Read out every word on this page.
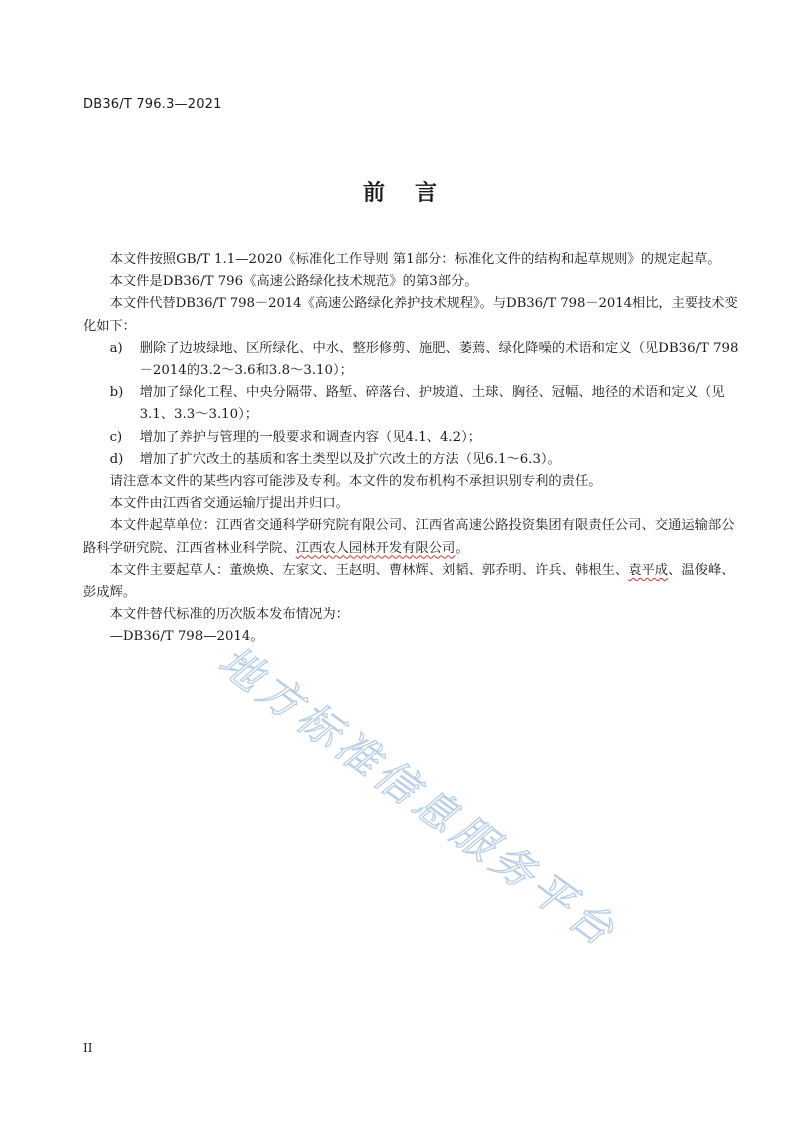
DB36/T 796.3—2021
前言

本文件按照GB/T 1.1—2020《标准化工作导则 第1部分：标准化文件的结构和起草规则》的规定起草。

本文件是DB36/T 796《高速公路绿化技术规范》的第3部分。

本文件代替DB36/T 798－2014《高速公路绿化养护技术规程》。与DB36/T 798－2014相比，主要技术变化如下：

a)	删除了边坡绿地、区所绿化、中水、整形修剪、施肥、萎蔫、绿化降噪的术语和定义（见DB36/T 798－2014的3.2～3.6和3.8～3.10）；
b)	增加了绿化工程、中央分隔带、路堑、碎落台、护坡道、土球、胸径、冠幅、地径的术语和定义（见3.1、3.3～3.10）；
c)	增加了养护与管理的一般要求和调查内容（见4.1、4.2）；
d)	增加了扩穴改土的基质和客土类型以及扩穴改土的方法（见6.1～6.3）。

请注意本文件的某些内容可能涉及专利。本文件的发布机构不承担识别专利的责任。

本文件由江西省交通运输厅提出并归口。

本文件起草单位：江西省交通科学研究院有限公司、江西省高速公路投资集团有限责任公司、交通运输部公路科学研究院、江西省林业科学院、江西农人园林开发有限公司。

本文件主要起草人：董焕焕、左家文、王赵明、曹林辉、刘韬、郭乔明、许兵、韩根生、袁平成、温俊峰、彭成辉。

本文件替代标准的历次版本发布情况为：

—DB36/T 798—2014。

地方标准信息服务平台
II
